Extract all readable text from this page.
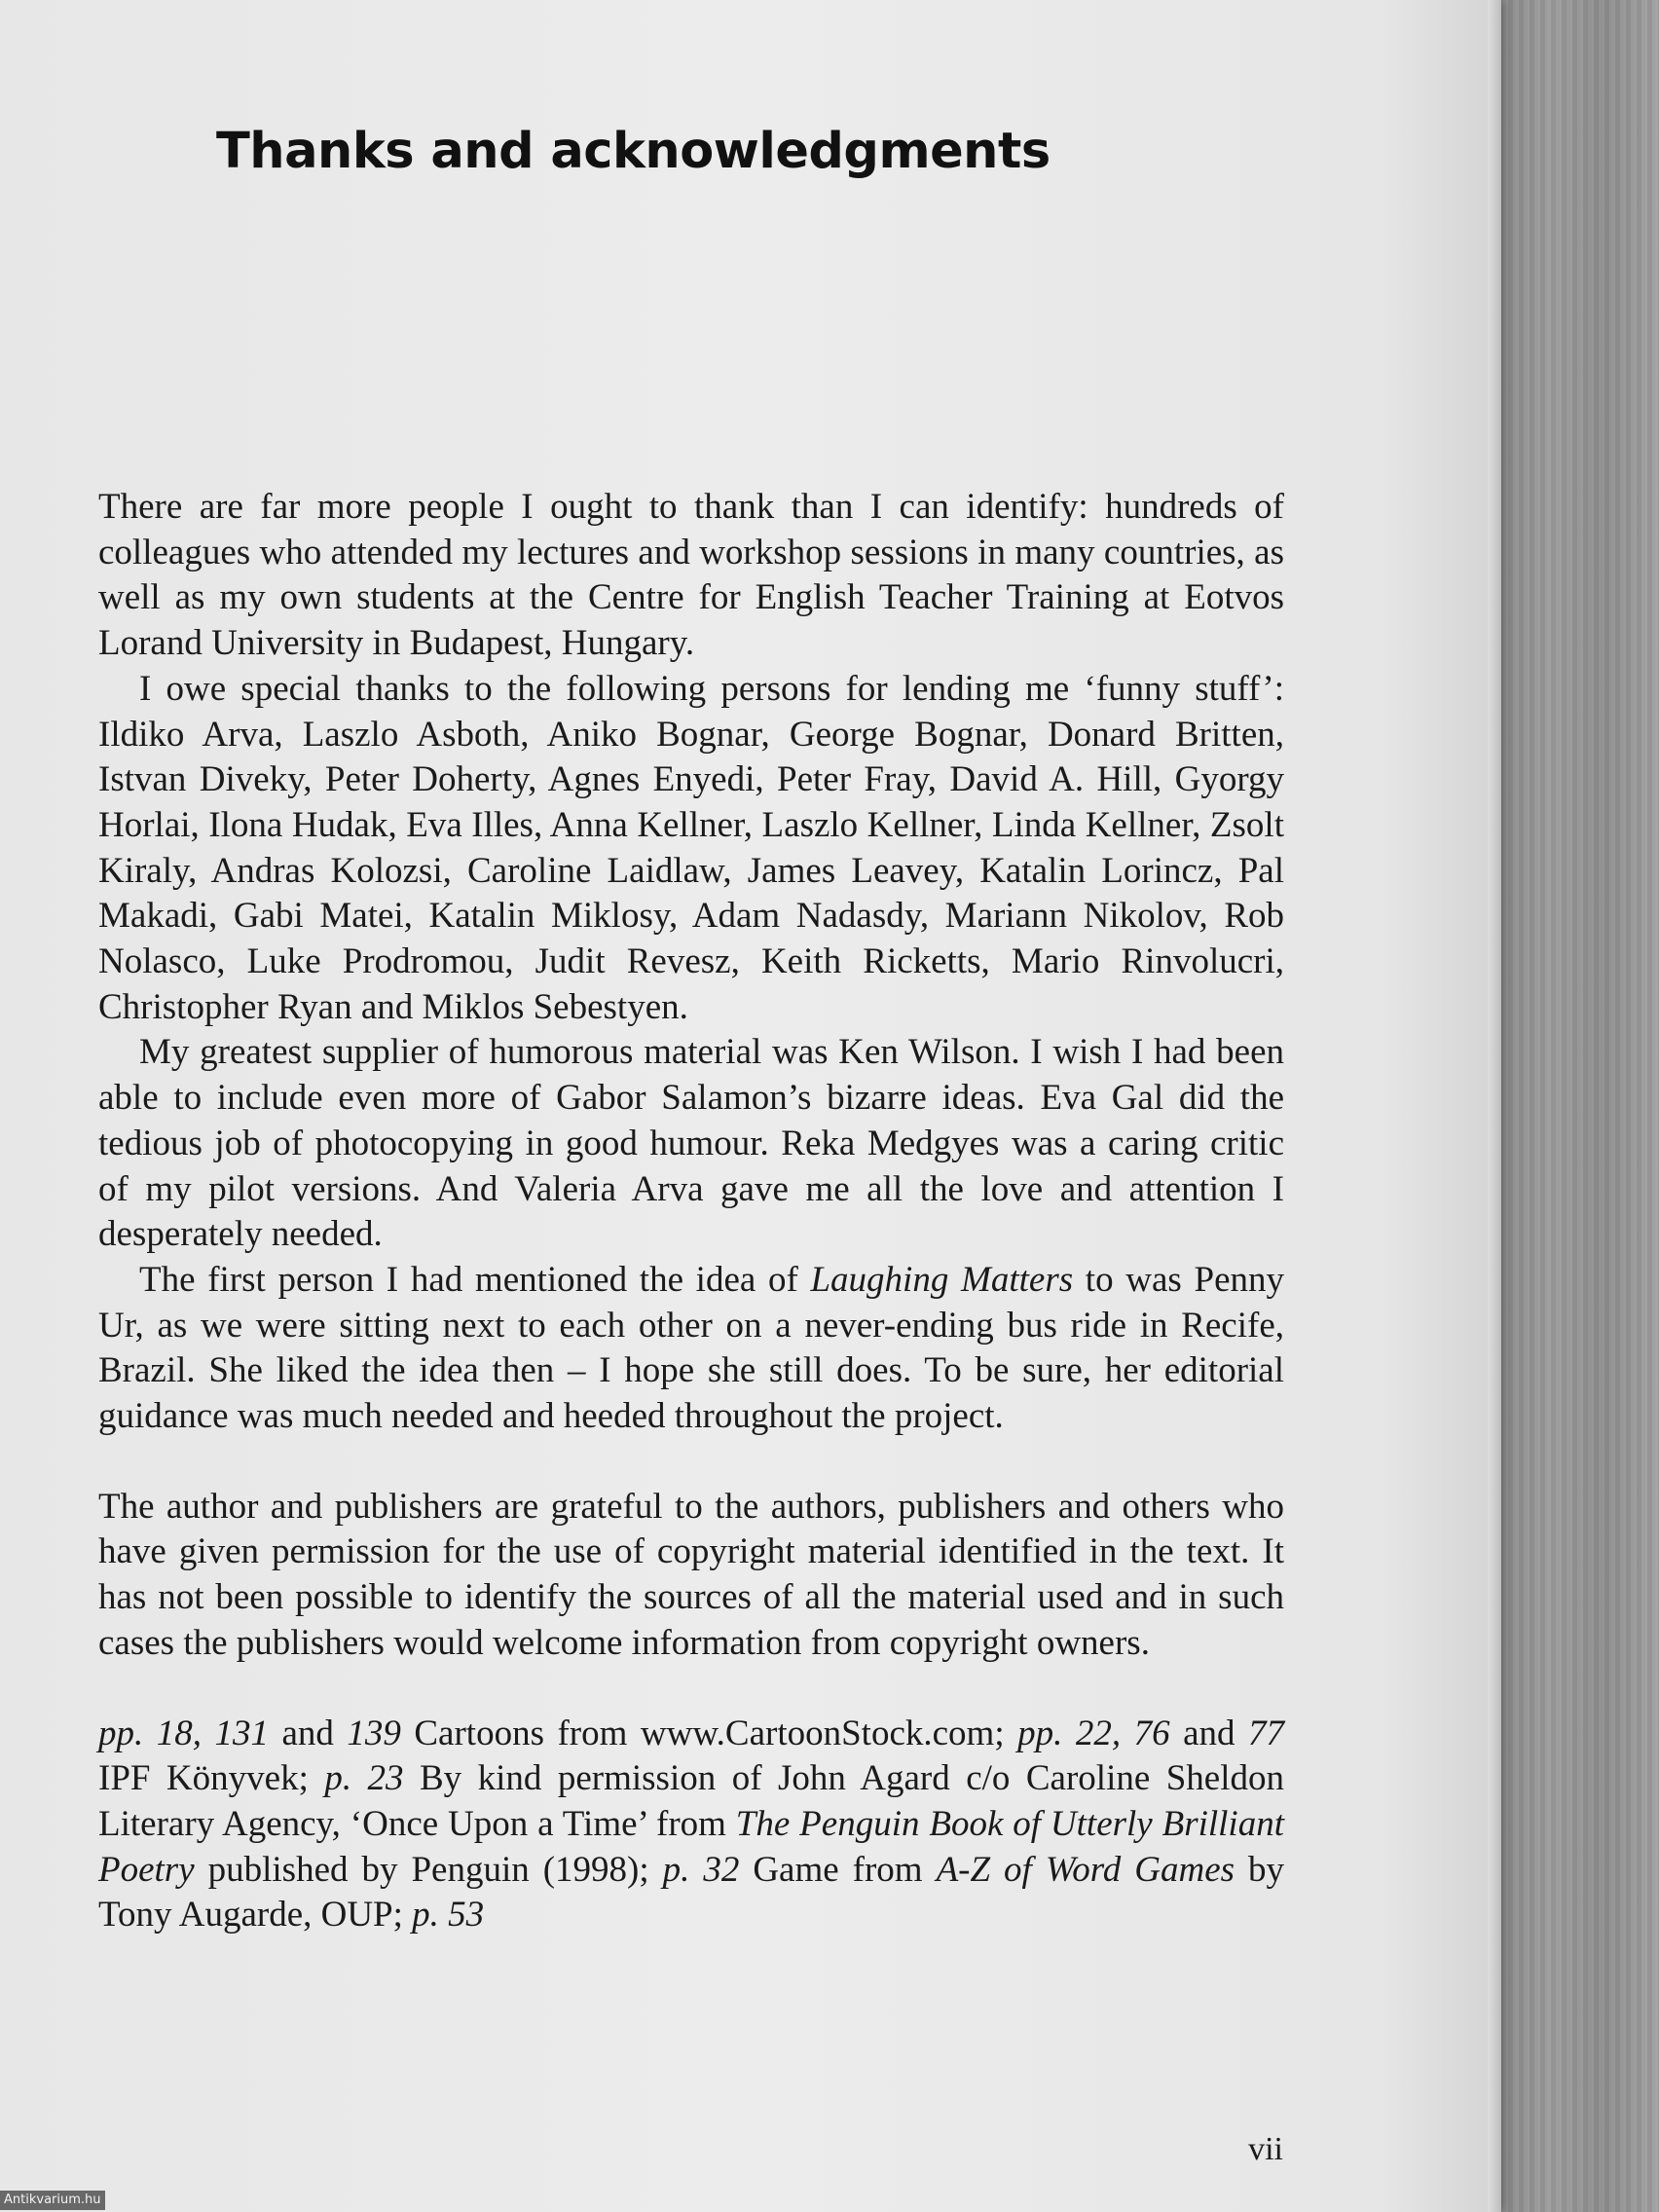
Thanks and acknowledgments

There are far more people I ought to thank than I can identify: hundreds of colleagues who attended my lectures and workshop sessions in many countries, as well as my own students at the Centre for English Teacher Training at Eotvos Lorand University in Budapest, Hungary.

I owe special thanks to the following persons for lending me ‘funny stuff’: Ildiko Arva, Laszlo Asboth, Aniko Bognar, George Bognar, Donard Britten, Istvan Diveky, Peter Doherty, Agnes Enyedi, Peter Fray, David A. Hill, Gyorgy Horlai, Ilona Hudak, Eva Illes, Anna Kellner, Laszlo Kellner, Linda Kellner, Zsolt Kiraly, Andras Kolozsi, Caroline Laidlaw, James Leavey, Katalin Lorincz, Pal Makadi, Gabi Matei, Katalin Miklosy, Adam Nadasdy, Mariann Nikolov, Rob Nolasco, Luke Prodromou, Judit Revesz, Keith Ricketts, Mario Rinvolucri, Christopher Ryan and Miklos Sebestyen.

My greatest supplier of humorous material was Ken Wilson. I wish I had been able to include even more of Gabor Salamon’s bizarre ideas. Eva Gal did the tedious job of photocopying in good humour. Reka Medgyes was a caring critic of my pilot versions. And Valeria Arva gave me all the love and attention I desperately needed.

The first person I had mentioned the idea of Laughing Matters to was Penny Ur, as we were sitting next to each other on a never-ending bus ride in Recife, Brazil. She liked the idea then – I hope she still does. To be sure, her editorial guidance was much needed and heeded throughout the project.

The author and publishers are grateful to the authors, publishers and others who have given permission for the use of copyright material identified in the text. It has not been possible to identify the sources of all the material used and in such cases the publishers would welcome information from copyright owners.

pp. 18, 131 and 139 Cartoons from www.CartoonStock.com; pp. 22, 76 and 77 IPF Könyvek; p. 23 By kind permission of John Agard c/o Caroline Sheldon Literary Agency, ‘Once Upon a Time’ from The Penguin Book of Utterly Brilliant Poetry published by Penguin (1998); p. 32 Game from A-Z of Word Games by Tony Augarde, OUP; p. 53

vii
Antikvarium.hu
